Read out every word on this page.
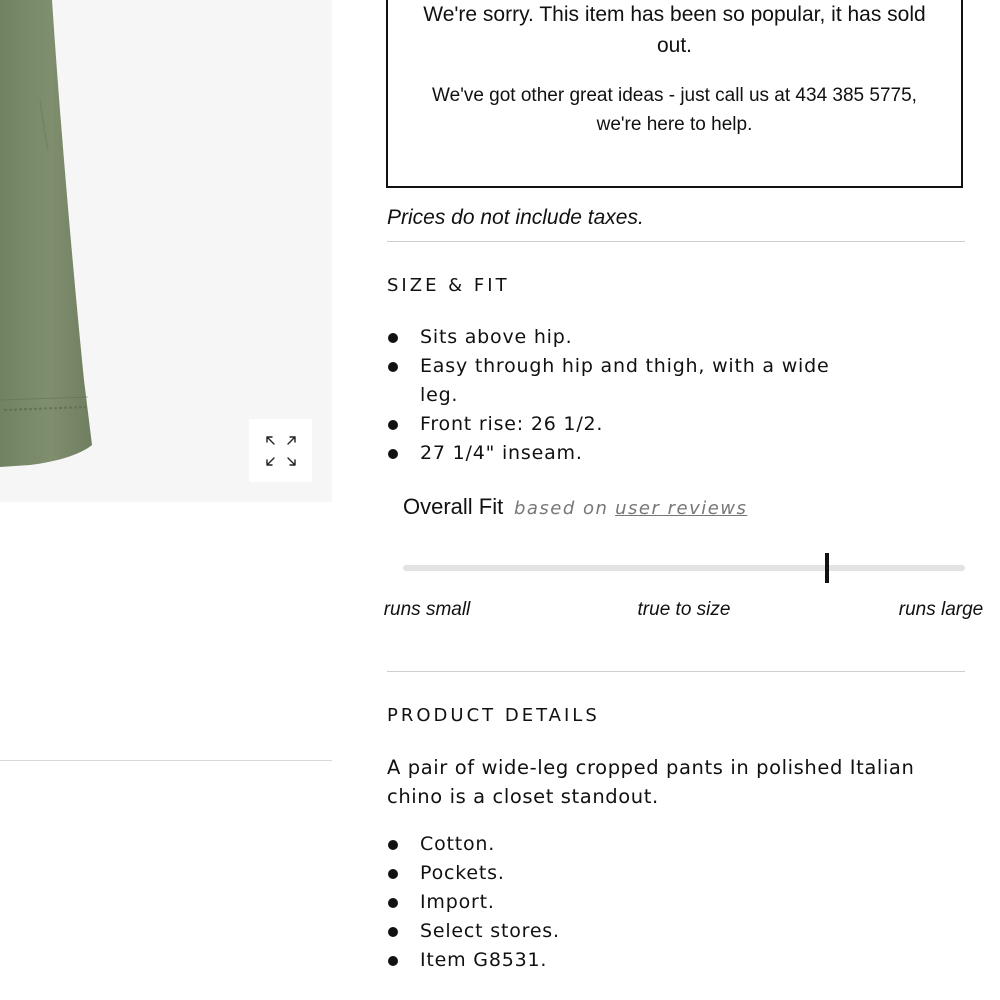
We're sorry. This item has been so popular, it has sold out.
We've got other great ideas - just call us at 434 385 5775, we're here to help.
Prices do not include taxes.
SIZE & FIT
Sits above hip.
Easy through hip and thigh, with a wide leg.
Front rise: 26 1/2.
27 1/4" inseam.
Overall Fit based on user reviews
runs small	true to size	runs large
PRODUCT DETAILS
A pair of wide-leg cropped pants in polished Italian chino is a closet standout.
Cotton.
Pockets.
Import.
Select stores.
Item G8531.
